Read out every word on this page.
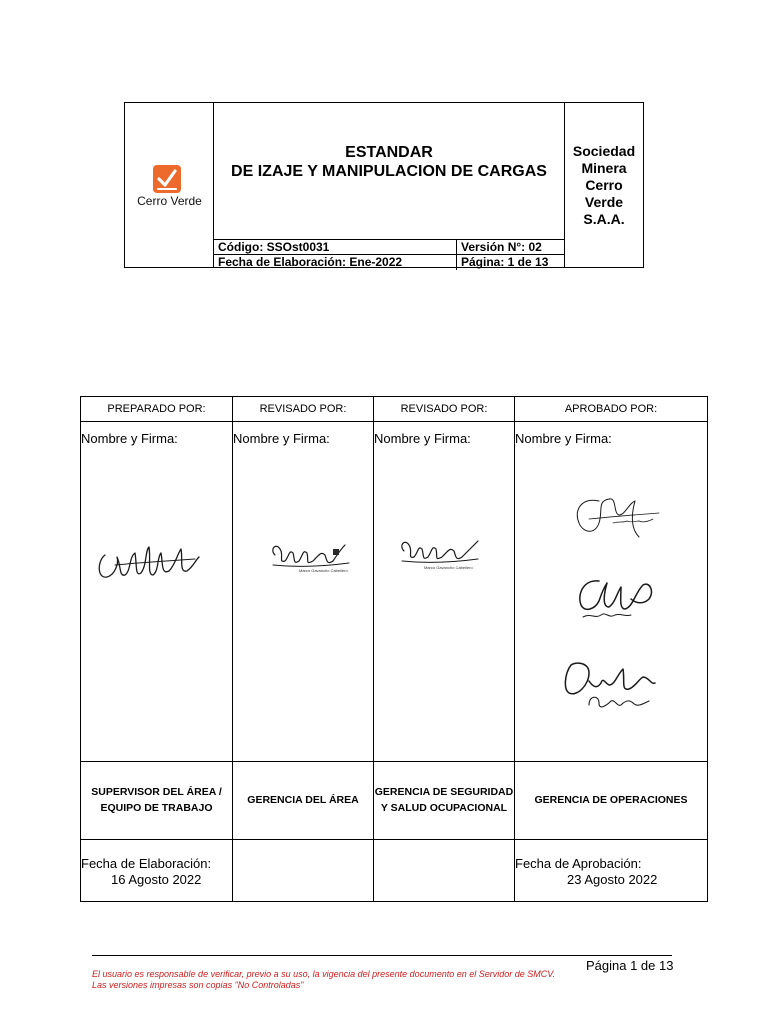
Cerro Verde
ESTANDAR
DE IZAJE Y MANIPULACION DE CARGAS
Código: SSOst0031	Versión N°: 02
Fecha de Elaboración: Ene-2022	Página: 1 de 13
Sociedad
Minera
Cerro
Verde
S.A.A.
PREPARADO POR:
Nombre y Firma:
SUPERVISOR DEL ÁREA /
EQUIPO DE TRABAJO
Fecha de Elaboración:
16 Agosto 2022
REVISADO POR:
Nombre y Firma:
Marco Gavancho Cabellero
GERENCIA DEL ÁREA
REVISADO POR:
Nombre y Firma:
Marco Gavancho Cabellero
GERENCIA DE SEGURIDAD
Y SALUD OCUPACIONAL
APROBADO POR:
Nombre y Firma:
GERENCIA DE OPERACIONES
Fecha de Aprobación:
23 Agosto 2022
Página 1 de 13
El usuario es responsable de verificar, previo a su uso, la vigencia del presente documento en el Servidor de SMCV.
Las versiones impresas son copias "No Controladas"
